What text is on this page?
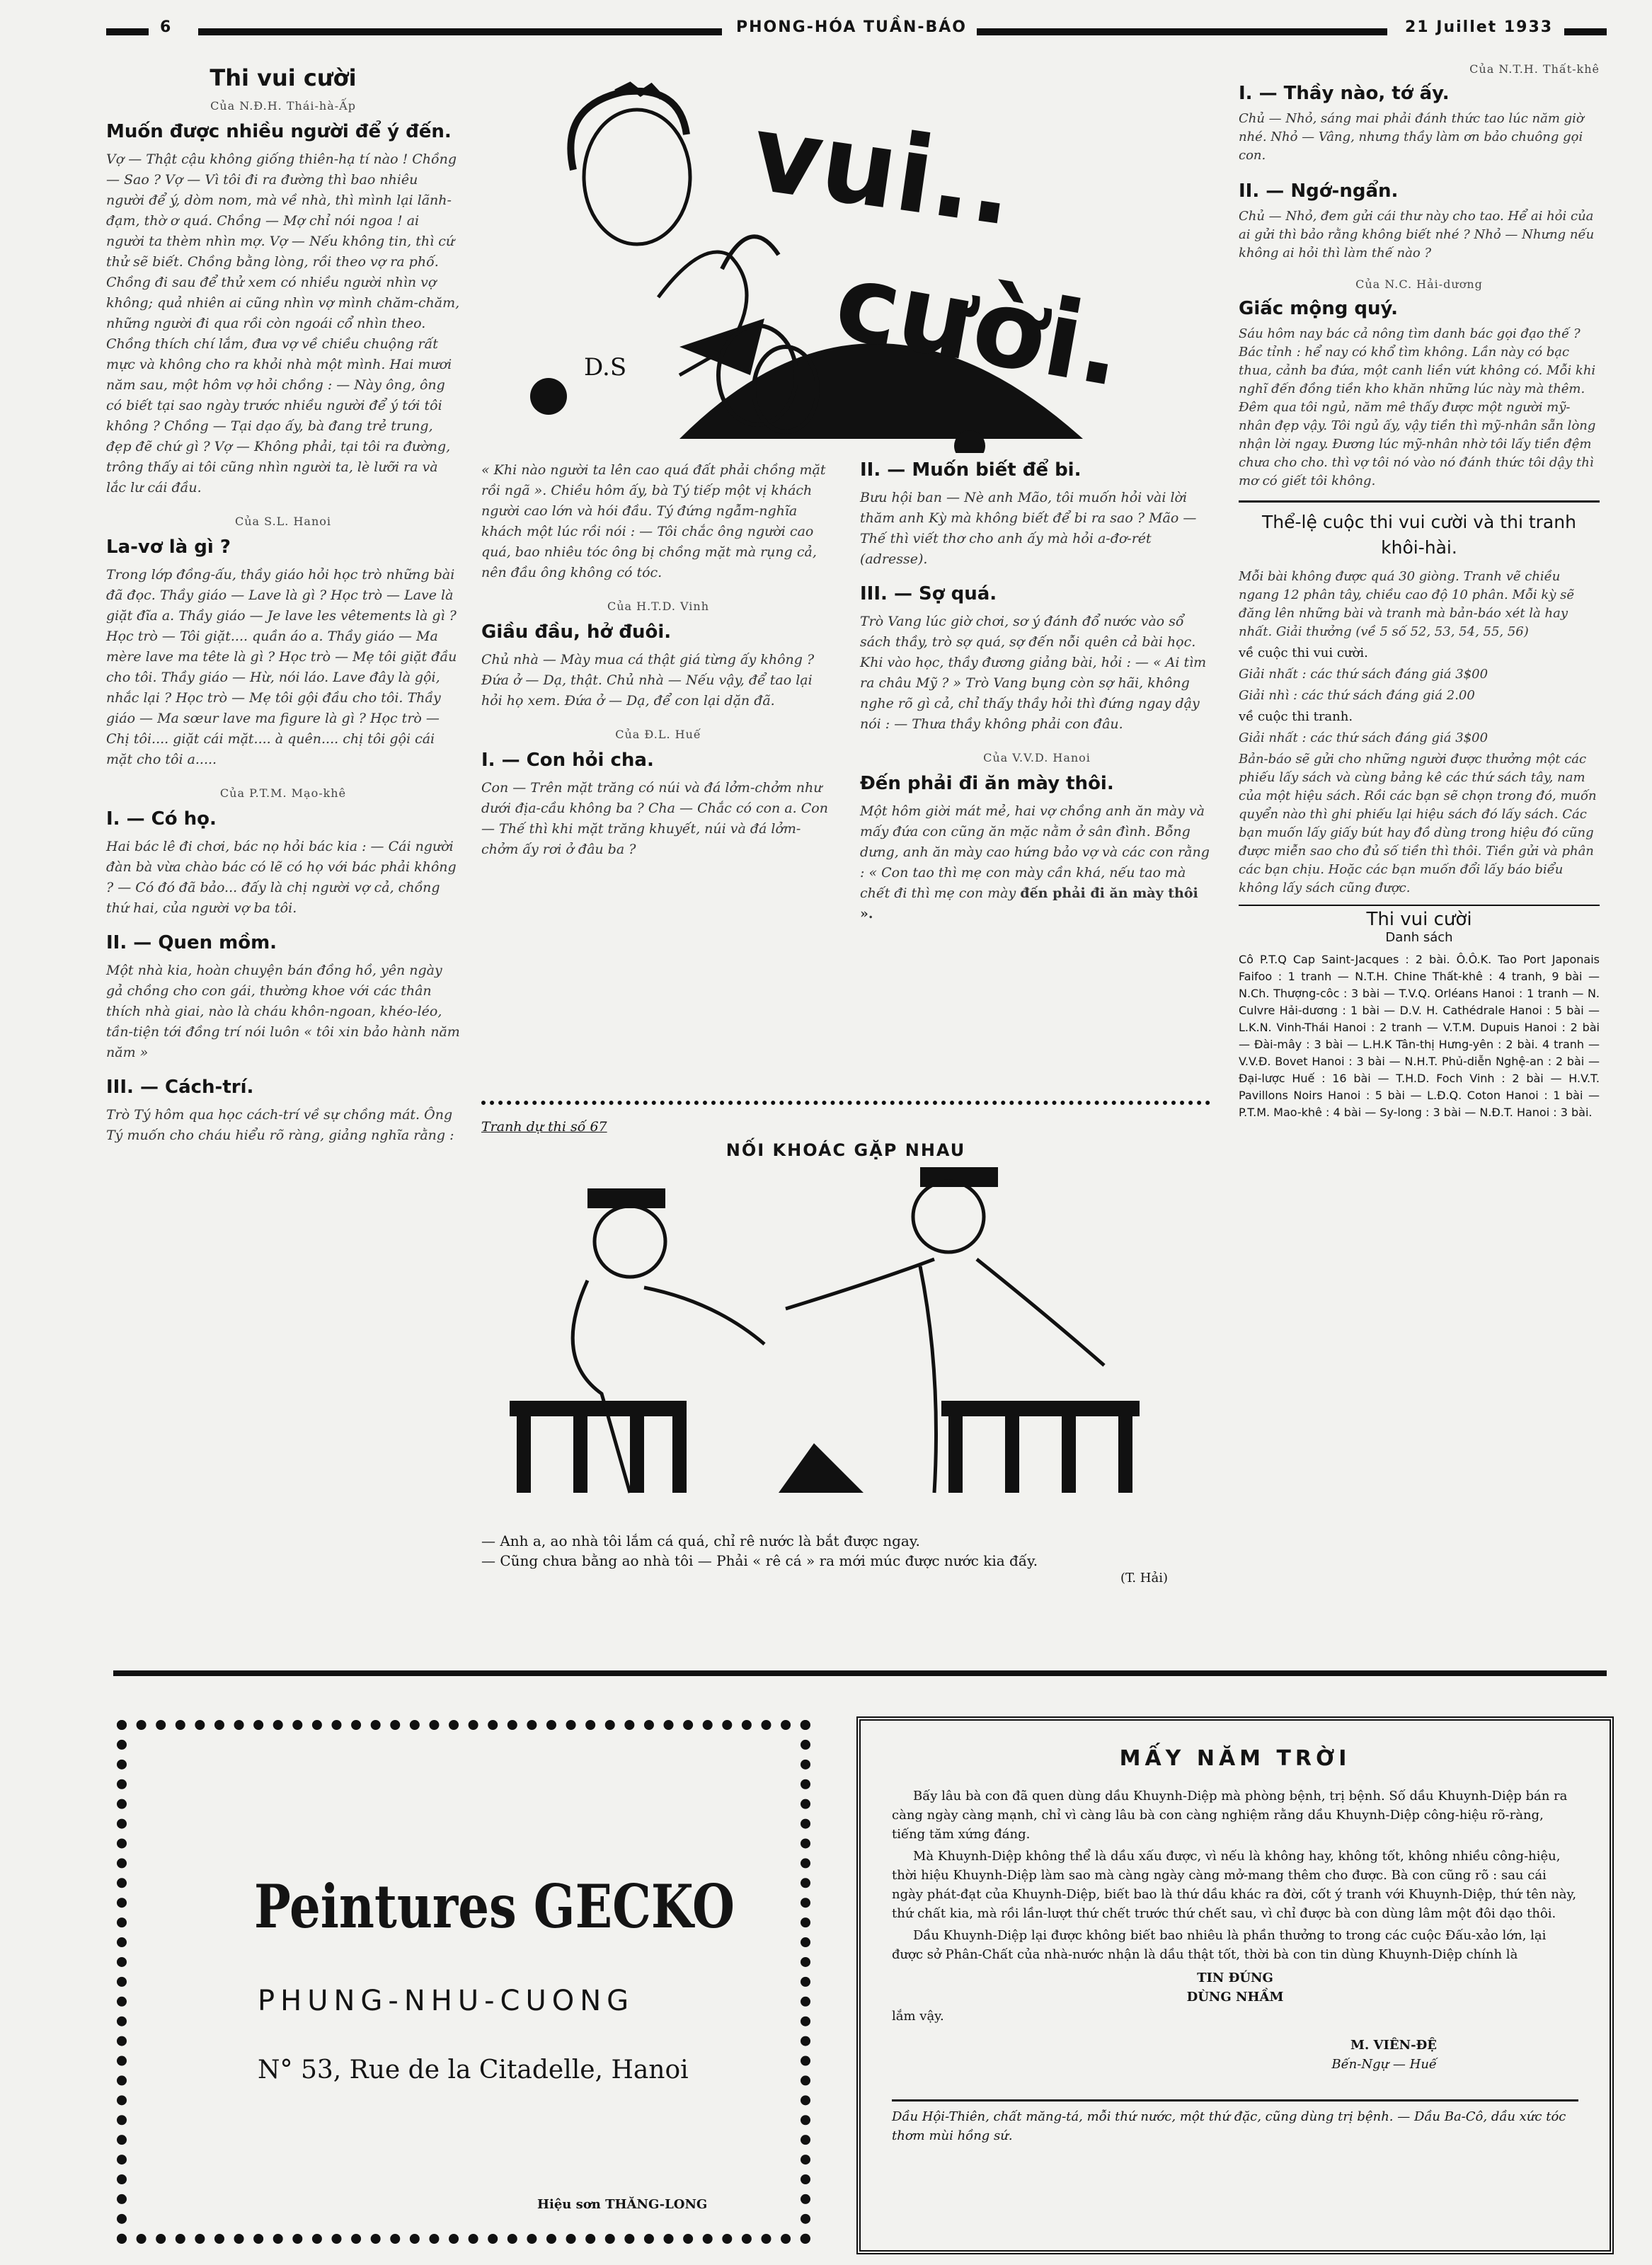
6	PHONG-HÓA TUẦN-BÁO	21 Juillet 1933
D.S
vui..
cười.
Thi vui cười
Của N.Đ.H. Thái-hà-Ấp
Muốn được nhiều người để ý đến.

Vợ — Thật cậu không giống thiên-hạ tí nào ! Chồng — Sao ? Vợ — Vì tôi đi ra đường thì bao nhiêu người để ý, dòm nom, mà về nhà, thì mình lại lãnh-đạm, thờ ơ quá. Chồng — Mợ chỉ nói ngoa ! ai người ta thèm nhìn mợ. Vợ — Nếu không tin, thì cứ thử sẽ biết. Chồng bằng lòng, rồi theo vợ ra phố. Chồng đi sau để thử xem có nhiều người nhìn vợ không; quả nhiên ai cũng nhìn vợ mình chăm-chăm, những người đi qua rồi còn ngoái cổ nhìn theo. Chồng thích chí lắm, đưa vợ về chiều chuộng rất mực và không cho ra khỏi nhà một mình. Hai mươi năm sau, một hôm vợ hỏi chồng : — Này ông, ông có biết tại sao ngày trước nhiều người để ý tới tôi không ? Chồng — Tại dạo ấy, bà đang trẻ trung, đẹp đẽ chứ gì ? Vợ — Không phải, tại tôi ra đường, trông thấy ai tôi cũng nhìn người ta, lè lưỡi ra và lắc lư cái đầu.

Của S.L. Hanoi
La-vơ là gì ?

Trong lớp đồng-ấu, thầy giáo hỏi học trò những bài đã đọc. Thầy giáo — Lave là gì ? Học trò — Lave là giặt đĩa a. Thầy giáo — Je lave les vêtements là gì ? Học trò — Tôi giặt.... quần áo a. Thầy giáo — Ma mère lave ma tête là gì ? Học trò — Mẹ tôi giặt đầu cho tôi. Thầy giáo — Hừ, nói láo. Lave đây là gội, nhắc lại ? Học trò — Mẹ tôi gội đầu cho tôi. Thầy giáo — Ma sœur lave ma figure là gì ? Học trò — Chị tôi.... giặt cái mặt.... à quên.... chị tôi gội cái mặt cho tôi a.....

Của P.T.M. Mạo-khê
I. — Có họ.

Hai bác lê đi chơi, bác nọ hỏi bác kia : — Cái người đàn bà vừa chào bác có lẽ có họ với bác phải không ? — Có đó đã bảo... đấy là chị người vợ cả, chồng thứ hai, của người vợ ba tôi.

II. — Quen mồm.

Một nhà kia, hoàn chuyện bán đồng hồ, yên ngày gả chồng cho con gái, thường khoe với các thân thích nhà giai, nào là cháu khôn-ngoan, khéo-léo, tần-tiện tới đồng trí nói luôn « tôi xin bảo hành năm năm »

III. — Cách-trí.

Trò Tý hôm qua học cách-trí về sự chồng mát. Ông Tý muốn cho cháu hiểu rõ ràng, giảng nghĩa rằng :

« Khi nào người ta lên cao quá đất phải chồng mặt rồi ngã ». Chiều hôm ấy, bà Tý tiếp một vị khách người cao lớn và hói đầu. Tý đứng ngẫm-nghĩa khách một lúc rồi nói : — Tôi chắc ông người cao quá, bao nhiêu tóc ông bị chồng mặt mà rụng cả, nên đầu ông không có tóc.

Của H.T.D. Vinh
Giầu đầu, hở đuôi.

Chủ nhà — Mày mua cá thật giá từng ấy không ? Đứa ở — Dạ, thật. Chủ nhà — Nếu vậy, để tao lại hỏi họ xem. Đứa ở — Dạ, để con lại dặn đã.

Của Đ.L. Huế
I. — Con hỏi cha.

Con — Trên mặt trăng có núi và đá lởm-chởm như dưới địa-cầu không ba ? Cha — Chắc có con a. Con — Thế thì khi mặt trăng khuyết, núi và đá lởm-chởm ấy rơi ở đâu ba ?

II. — Muốn biết để bi.

Bưu hội ban — Nè anh Mão, tôi muốn hỏi vài lời thăm anh Kỳ mà không biết để bi ra sao ? Mão — Thế thì viết thơ cho anh ấy mà hỏi a-đơ-rét (adresse).

III. — Sợ quá.

Trò Vang lúc giờ chơi, sơ ý đánh đổ nước vào sổ sách thầy, trò sợ quá, sợ đến nỗi quên cả bài học. Khi vào học, thầy đương giảng bài, hỏi : — « Ai tìm ra châu Mỹ ? » Trò Vang bụng còn sợ hãi, không nghe rõ gì cả, chỉ thấy thầy hỏi thì đứng ngay dậy nói : — Thưa thầy không phải con đâu.

Của V.V.D. Hanoi
Đến phải đi ăn mày thôi.

Một hôm giời mát mẻ, hai vợ chồng anh ăn mày và mấy đứa con cũng ăn mặc nằm ở sân đình. Bỗng dưng, anh ăn mày cao hứng bảo vợ và các con rằng : « Con tao thì mẹ con mày cần khá, nếu tao mà chết đi thì mẹ con mày đến phải đi ăn mày thôi ».

Của N.T.H. Thất-khê
I. — Thầy nào, tớ ấy.

Chủ — Nhỏ, sáng mai phải đánh thức tao lúc năm giờ nhé. Nhỏ — Vâng, nhưng thầy làm ơn bảo chuông gọi con.

II. — Ngớ-ngẩn.

Chủ — Nhỏ, đem gửi cái thư này cho tao. Hể ai hỏi của ai gửi thì bảo rằng không biết nhé ? Nhỏ — Nhưng nếu không ai hỏi thì làm thế nào ?

Của N.C. Hải-dương
Giấc mộng quý.

Sáu hôm nay bác cả nông tìm danh bác gọi đạo thế ? Bác tỉnh : hể nay có khổ tìm không. Lần này có bạc thua, cảnh ba đứa, một canh liền vứt không có. Mỗi khi nghĩ đến đồng tiền kho khăn những lúc này mà thêm. Đêm qua tôi ngủ, năm mê thấy được một người mỹ-nhân đẹp vậy. Tôi ngủ ấy, vậy tiền thì mỹ-nhân sẵn lòng nhận lời ngay. Đương lúc mỹ-nhân nhờ tôi lấy tiền đệm chưa cho cho. thì vợ tôi nó vào nó đánh thức tôi dậy thì mơ có giết tôi không.

Thể-lệ cuộc thi vui cười và thi tranh khôi-hài.

Mỗi bài không được quá 30 giòng. Tranh vẽ chiều ngang 12 phân tây, chiều cao độ 10 phân. Mỗi kỳ sẽ đăng lên những bài và tranh mà bản-báo xét là hay nhất. Giải thưởng (về 5 số 52, 53, 54, 55, 56)

về cuộc thi vui cười.

Giải nhất : các thứ sách đáng giá 3$00

Giải nhì : các thứ sách đáng giá 2.00

về cuộc thi tranh.

Giải nhất : các thứ sách đáng giá 3$00

Bản-báo sẽ gửi cho những người được thưởng một các phiếu lấy sách và cùng bảng kê các thứ sách tây, nam của một hiệu sách. Rồi các bạn sẽ chọn trong đó, muốn quyển nào thì ghi phiếu lại hiệu sách đó lấy sách. Các bạn muốn lấy giấy bút hay đồ dùng trong hiệu đó cũng được miễn sao cho đủ số tiền thì thôi. Tiền gửi và phân các bạn chịu. Hoặc các bạn muốn đổi lấy báo biểu không lấy sách cũng được.

Thi vui cười
Danh sách

Cô P.T.Q Cap Saint-Jacques : 2 bài. Ô.Ô.K. Tao Port Japonais Faifoo : 1 tranh — N.T.H. Chine Thất-khê : 4 tranh, 9 bài — N.Ch. Thượng-côc : 3 bài — T.V.Q. Orléans Hanoi : 1 tranh — N. Culvre Hải-dương : 1 bài — D.V. H. Cathédrale Hanoi : 5 bài — L.K.N. Vinh-Thái Hanoi : 2 tranh — V.T.M. Dupuis Hanoi : 2 bài — Đài-mây : 3 bài — L.H.K Tân-thị Hưng-yên : 2 bài. 4 tranh — V.V.Đ. Bovet Hanoi : 3 bài — N.H.T. Phủ-diễn Nghệ-an : 2 bài — Đại-lược Huế : 16 bài — T.H.D. Foch Vinh : 2 bài — H.V.T. Pavillons Noirs Hanoi : 5 bài — L.Đ.Q. Coton Hanoi : 1 bài — P.T.M. Mao-khê : 4 bài — Sy-long : 3 bài — N.Đ.T. Hanoi : 3 bài.

Tranh dự thi số 67
NỐI KHOÁC GẶP NHAU
— Anh a, ao nhà tôi lắm cá quá, chỉ rê nước là bắt được ngay.
— Cũng chưa bằng ao nhà tôi — Phải « rê cá » ra mới múc được nước kia đấy.
(T. Hải)
Peintures GECKO
PHUNG-NHU-CUONG
N° 53, Rue de la Citadelle, Hanoi
Hiệu sơn THĂNG-LONG
MẤY NĂM TRỜI

Bấy lâu bà con đã quen dùng dầu Khuynh-Diệp mà phòng bệnh, trị bệnh. Số dầu Khuynh-Diệp bán ra càng ngày càng mạnh, chỉ vì càng lâu bà con càng nghiệm rằng dầu Khuynh-Diệp công-hiệu rõ-ràng, tiếng tăm xứng đáng.

Mà Khuynh-Diệp không thể là dầu xấu được, vì nếu là không hay, không tốt, không nhiều công-hiệu, thời hiệu Khuynh-Diệp làm sao mà càng ngày càng mở-mang thêm cho được. Bà con cũng rõ : sau cái ngày phát-đạt của Khuynh-Diệp, biết bao là thứ dầu khác ra đời, cốt ý tranh với Khuynh-Diệp, thứ tên này, thứ chất kia, mà rồi lần-lượt thứ chết trước thứ chết sau, vì chỉ được bà con dùng lâm một đôi dạo thôi.

Dầu Khuynh-Diệp lại được không biết bao nhiêu là phần thưởng to trong các cuộc Đấu-xảo lớn, lại được sở Phân-Chất của nhà-nước nhận là dầu thật tốt, thời bà con tin dùng Khuynh-Diệp chính là

TIN ĐÚNG
DÙNG NHẦM
lắm vậy.
M. VIÊN-ĐỆ
Bến-Ngự — Huế
Dầu Hội-Thiên, chất măng-tá, mỗi thứ nước, một thứ đặc, cũng dùng trị bệnh. — Dầu Ba-Cô, dầu xức tóc thơm mùi hồng sứ.
